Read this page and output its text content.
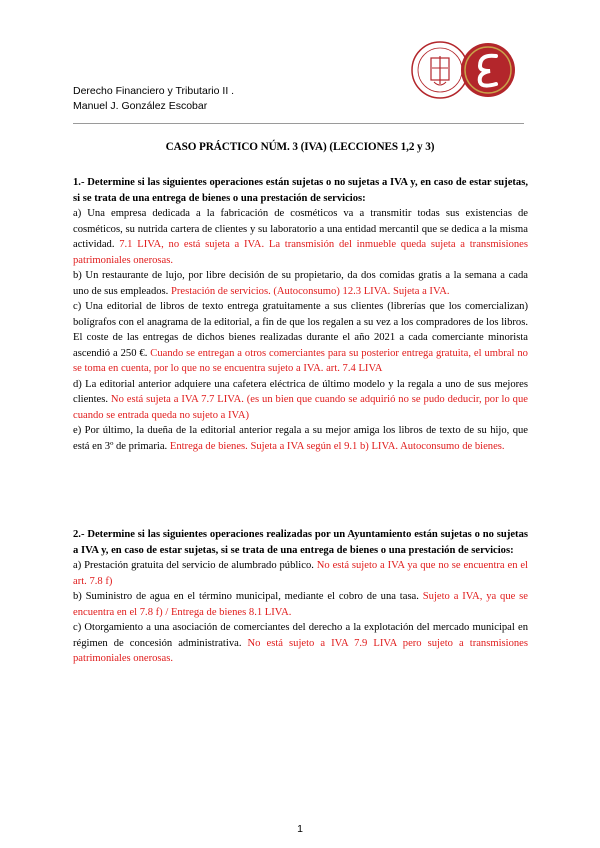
Derecho Financiero y Tributario II .
Manuel J. González Escobar
CASO PRÁCTICO NÚM. 3 (IVA) (LECCIONES 1,2 y 3)

1.- Determine si las siguientes operaciones están sujetas o no sujetas a IVA y, en caso de estar sujetas, si se trata de una entrega de bienes o una prestación de servicios:

a) Una empresa dedicada a la fabricación de cosméticos va a transmitir todas sus existencias de cosméticos, su nutrida cartera de clientes y su laboratorio a una entidad mercantil que se dedica a la misma actividad. 7.1 LIVA, no está sujeta a IVA. La transmisión del inmueble queda sujeta a transmisiones patrimoniales onerosas.

b) Un restaurante de lujo, por libre decisión de su propietario, da dos comidas gratis a la semana a cada uno de sus empleados. Prestación de servicios. (Autoconsumo) 12.3 LIVA. Sujeta a IVA.

c) Una editorial de libros de texto entrega gratuitamente a sus clientes (librerías que los comercializan) bolígrafos con el anagrama de la editorial, a fin de que los regalen a su vez a los compradores de los libros. El coste de las entregas de dichos bienes realizadas durante el año 2021 a cada comerciante minorista ascendió a 250 €. Cuando se entregan a otros comerciantes para su posterior entrega gratuita, el umbral no se toma en cuenta, por lo que no se encuentra sujeto a IVA. art. 7.4 LIVA

d) La editorial anterior adquiere una cafetera eléctrica de último modelo y la regala a uno de sus mejores clientes. No está sujeta a IVA 7.7 LIVA. (es un bien que cuando se adquirió no se pudo deducir, por lo que cuando se entrada queda no sujeto a IVA)

e) Por último, la dueña de la editorial anterior regala a su mejor amiga los libros de texto de su hijo, que está en 3º de primaria. Entrega de bienes. Sujeta a IVA según el 9.1 b) LIVA. Autoconsumo de bienes.

2.- Determine si las siguientes operaciones realizadas por un Ayuntamiento están sujetas o no sujetas a IVA y, en caso de estar sujetas, si se trata de una entrega de bienes o una prestación de servicios:

a) Prestación gratuita del servicio de alumbrado público. No está sujeto a IVA ya que no se encuentra en el art. 7.8 f)

b) Suministro de agua en el término municipal, mediante el cobro de una tasa. Sujeto a IVA, ya que se encuentra en el 7.8 f) / Entrega de bienes 8.1 LIVA.

c) Otorgamiento a una asociación de comerciantes del derecho a la explotación del mercado municipal en régimen de concesión administrativa. No está sujeto a IVA 7.9 LIVA pero sujeto a transmisiones patrimoniales onerosas.

1
